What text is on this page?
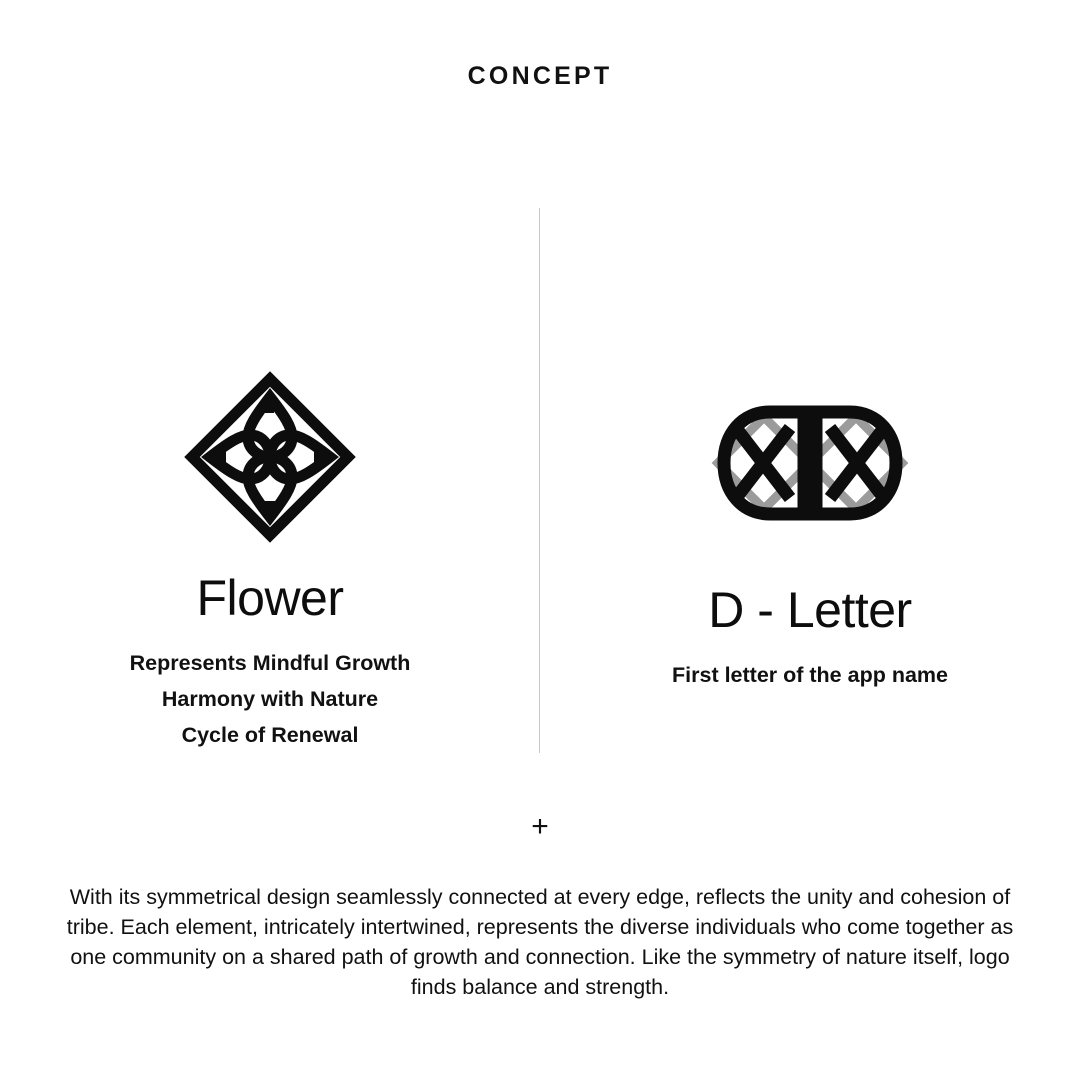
CONCEPT
Flower
Represents Mindful Growth
Harmony with Nature
Cycle of Renewal
D - Letter
First letter of the app name
+
With its symmetrical design seamlessly connected at every edge, reflects the unity and cohesion of tribe. Each element, intricately intertwined, represents the diverse individuals who come together as one community on a shared path of growth and connection. Like the symmetry of nature itself, logo finds balance and strength.
